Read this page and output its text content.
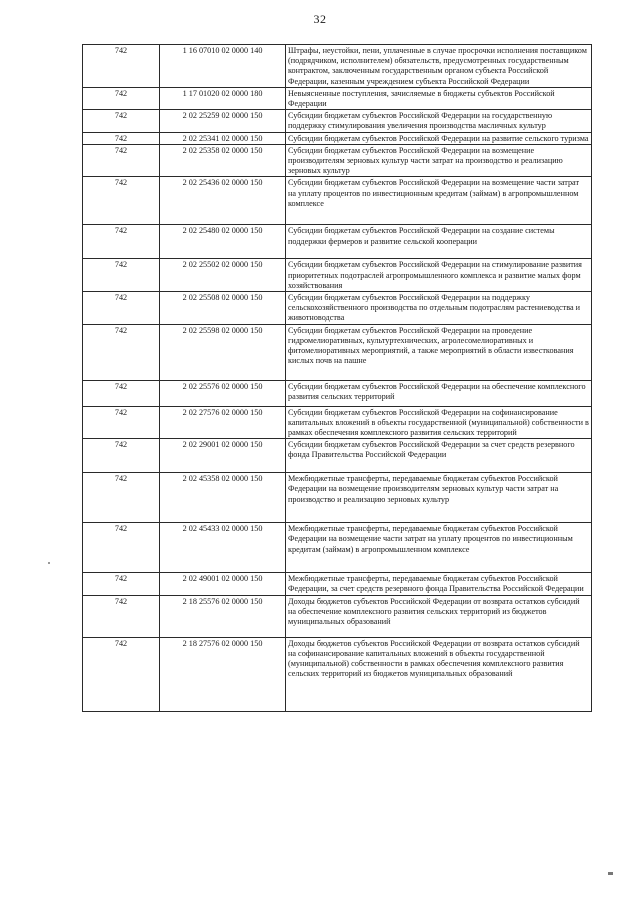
32
742	1 16 07010 02 0000 140	Штрафы, неустойки, пени, уплаченные в случае просрочки исполнения поставщиком (подрядчиком, исполнителем) обязательств, предусмотренных государственным контрактом, заключенным государственным органом субъекта Российской Федерации, казенным учреждением субъекта Российской Федерации
742	1 17 01020 02 0000 180	Невыясненные поступления, зачисляемые в бюджеты субъектов Российской Федерации
742	2 02 25259 02 0000 150	Субсидии бюджетам субъектов Российской Федерации на государственную поддержку стимулирования увеличения производства масличных культур
742	2 02 25341 02 0000 150	Субсидии бюджетам субъектов Российской Федерации на развитие сельского туризма
742	2 02 25358 02 0000 150	Субсидии бюджетам субъектов Российской Федерации на возмещение производителям зерновых культур части затрат на производство и реализацию зерновых культур
742	2 02 25436 02 0000 150	Субсидии бюджетам субъектов Российской Федерации на возмещение части затрат на уплату процентов по инвестиционным кредитам (займам) в агропромышленном комплексе
742	2 02 25480 02 0000 150	Субсидии бюджетам субъектов Российской Федерации на создание системы поддержки фермеров и развитие сельской кооперации
742	2 02 25502 02 0000 150	Субсидии бюджетам субъектов Российской Федерации на стимулирование развития приоритетных подотраслей агропромышленного комплекса и развитие малых форм хозяйствования
742	2 02 25508 02 0000 150	Субсидии бюджетам субъектов Российской Федерации на поддержку сельскохозяйственного производства по отдельным подотраслям растениеводства и животноводства
742	2 02 25598 02 0000 150	Субсидии бюджетам субъектов Российской Федерации на проведение гидромелиоративных, культуртехнических, агролесомелиоративных и фитомелиоративных мероприятий, а также мероприятий в области известкования кислых почв на пашне
742	2 02 25576 02 0000 150	Субсидии бюджетам субъектов Российской Федерации на обеспечение комплексного развития сельских территорий
742	2 02 27576 02 0000 150	Субсидии бюджетам субъектов Российской Федерации на софинансирование капитальных вложений в объекты государственной (муниципальной) собственности в рамках обеспечения комплексного развития сельских территорий
742	2 02 29001 02 0000 150	Субсидии бюджетам субъектов Российской Федерации за счет средств резервного фонда Правительства Российской Федерации
742	2 02 45358 02 0000 150	Межбюджетные трансферты, передаваемые бюджетам субъектов Российской Федерации на возмещение производителям зерновых культур части затрат на производство и реализацию зерновых культур
742	2 02 45433 02 0000 150	Межбюджетные трансферты, передаваемые бюджетам субъектов Российской Федерации на возмещение части затрат на уплату процентов по инвестиционным кредитам (займам) в агропромышленном комплексе
742	2 02 49001 02 0000 150	Межбюджетные трансферты, передаваемые бюджетам субъектов Российской Федерации, за счет средств резервного фонда Правительства Российской Федерации
742	2 18 25576 02 0000 150	Доходы бюджетов субъектов Российской Федерации от возврата остатков субсидий на обеспечение комплексного развития сельских территорий из бюджетов муниципальных образований
742	2 18 27576 02 0000 150	Доходы бюджетов субъектов Российской Федерации от возврата остатков субсидий на софинансирование капитальных вложений в объекты государственной (муниципальной) собственности в рамках обеспечения комплексного развития сельских территорий из бюджетов муниципальных образований
